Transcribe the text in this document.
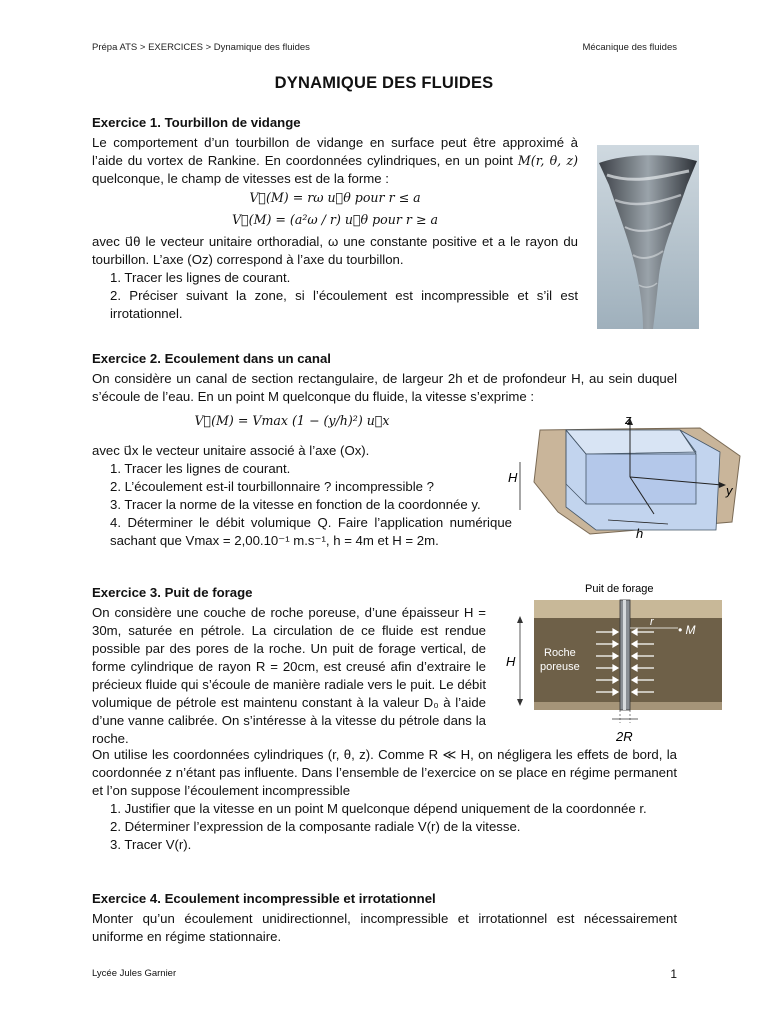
Prépa ATS > EXERCICES > Dynamique des fluides	Mécanique des fluides
DYNAMIQUE DES FLUIDES
Exercice 1. Tourbillon de vidange
Le comportement d’un tourbillon de vidange en surface peut être approximé à l’aide du vortex de Rankine. En coordonnées cylindriques, en un point M(r, θ, z) quelconque, le champ de vitesses est de la forme :
V⃗(M) = rω u⃗θ pour r ≤ a
V⃗(M) = (a²ω / r) u⃗θ pour r ≥ a
avec u⃗θ le vecteur unitaire orthoradial, ω une constante positive et a le rayon du tourbillon. L’axe (Oz) correspond à l’axe du tourbillon.
1. Tracer les lignes de courant.
2. Préciser suivant la zone, si l’écoulement est incompressible et s’il est irrotationnel.
Exercice 2. Ecoulement dans un canal
On considère un canal de section rectangulaire, de largeur 2h et de profondeur H, au sein duquel s’écoule de l’eau. En un point M quelconque du fluide, la vitesse s’exprime :
V⃗(M) = Vmax (1 − (y/h)²) u⃗x
avec u⃗x le vecteur unitaire associé à l’axe (Ox).
1. Tracer les lignes de courant.
2. L’écoulement est-il tourbillonnaire ? incompressible ?
3. Tracer la norme de la vitesse en fonction de la coordonnée y.
4. Déterminer le débit volumique Q. Faire l’application numérique sachant que Vmax = 2,00.10⁻¹ m.s⁻¹, h = 4m et H = 2m.
z
y
H
h
Exercice 3. Puit de forage
On considère une couche de roche poreuse, d’une épaisseur H = 30m, saturée en pétrole. La circulation de ce fluide est rendue possible par des pores de la roche. Un puit de forage vertical, de forme cylindrique de rayon R = 20cm, est creusé afin d’extraire le précieux fluide qui s’écoule de manière radiale vers le puit. Le débit volumique de pétrole est maintenu constant à la valeur D₀ à l’aide d’une vanne calibrée. On s’intéresse à la vitesse du pétrole dans la roche.
On utilise les coordonnées cylindriques (r, θ, z). Comme R ≪ H, on négligera les effets de bord, la coordonnée z n’étant pas influente. Dans l’ensemble de l’exercice on se place en régime permanent et l’on suppose l’écoulement incompressible
1. Justifier que la vitesse en un point M quelconque dépend uniquement de la coordonnée r.
2. Déterminer l’expression de la composante radiale V(r) de la vitesse.
3. Tracer V(r).
Puit de forage
r
• M
Roche
poreuse
H
2R
Exercice 4. Ecoulement incompressible et irrotationnel
Monter qu’un écoulement unidirectionnel, incompressible et irrotationnel est nécessairement uniforme en régime stationnaire.
Lycée Jules Garnier	1
